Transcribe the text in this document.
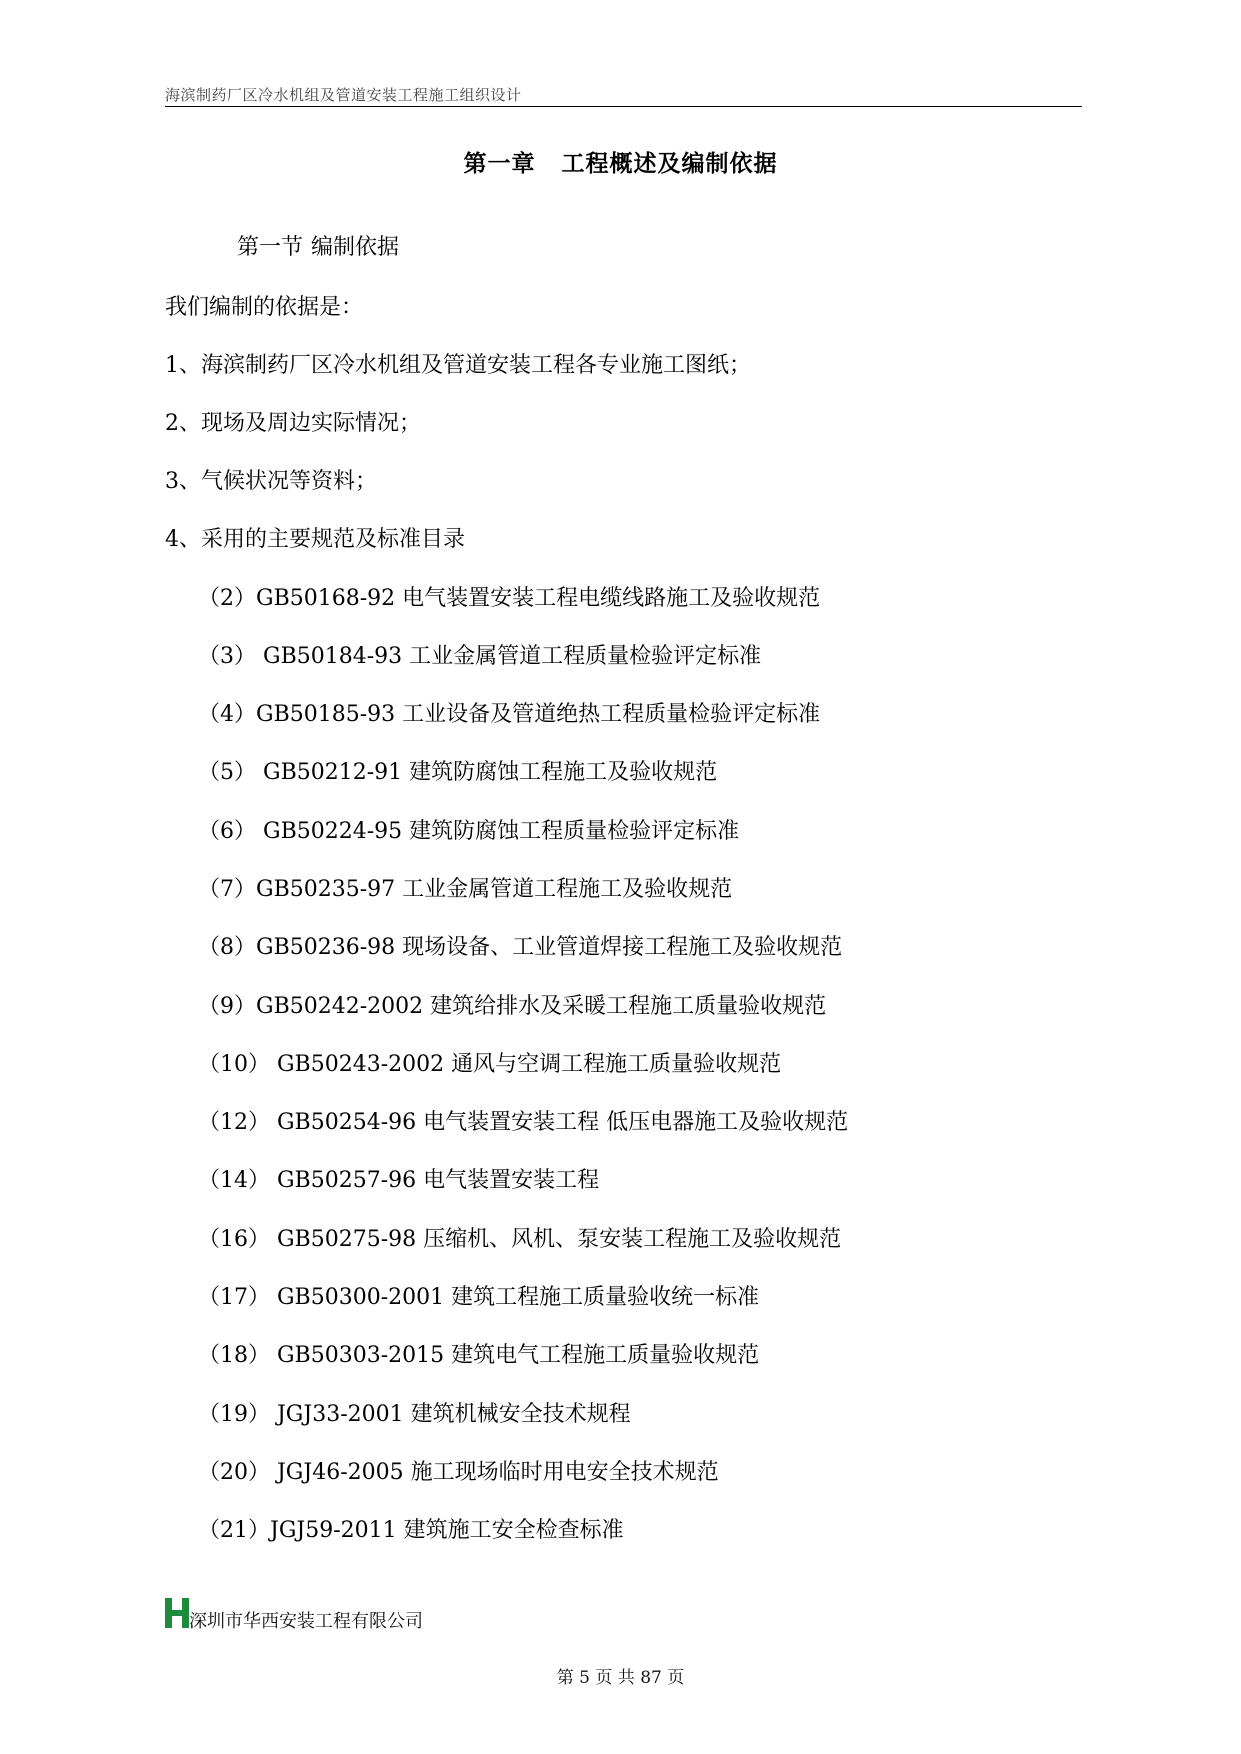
海滨制药厂区冷水机组及管道安装工程施工组织设计
第一章 工程概述及编制依据
第一节 编制依据
我们编制的依据是：
1、海滨制药厂区冷水机组及管道安装工程各专业施工图纸；
2、现场及周边实际情况；
3、气候状况等资料；
4、采用的主要规范及标准目录
（2）GB50168-92 电气装置安装工程电缆线路施工及验收规范
（3） GB50184-93 工业金属管道工程质量检验评定标准
（4）GB50185-93 工业设备及管道绝热工程质量检验评定标准
（5） GB50212-91 建筑防腐蚀工程施工及验收规范
（6） GB50224-95 建筑防腐蚀工程质量检验评定标准
（7）GB50235-97 工业金属管道工程施工及验收规范
（8）GB50236-98 现场设备、工业管道焊接工程施工及验收规范
（9）GB50242-2002 建筑给排水及采暖工程施工质量验收规范
（10） GB50243-2002 通风与空调工程施工质量验收规范
（12） GB50254-96 电气装置安装工程 低压电器施工及验收规范
（14） GB50257-96 电气装置安装工程
（16） GB50275-98 压缩机、风机、泵安装工程施工及验收规范
（17） GB50300-2001 建筑工程施工质量验收统一标准
（18） GB50303-2015 建筑电气工程施工质量验收规范
（19） JGJ33-2001 建筑机械安全技术规程
（20） JGJ46-2005 施工现场临时用电安全技术规范
（21）JGJ59-2011 建筑施工安全检查标准
深圳市华西安装工程有限公司
第 5 页 共 87 页
